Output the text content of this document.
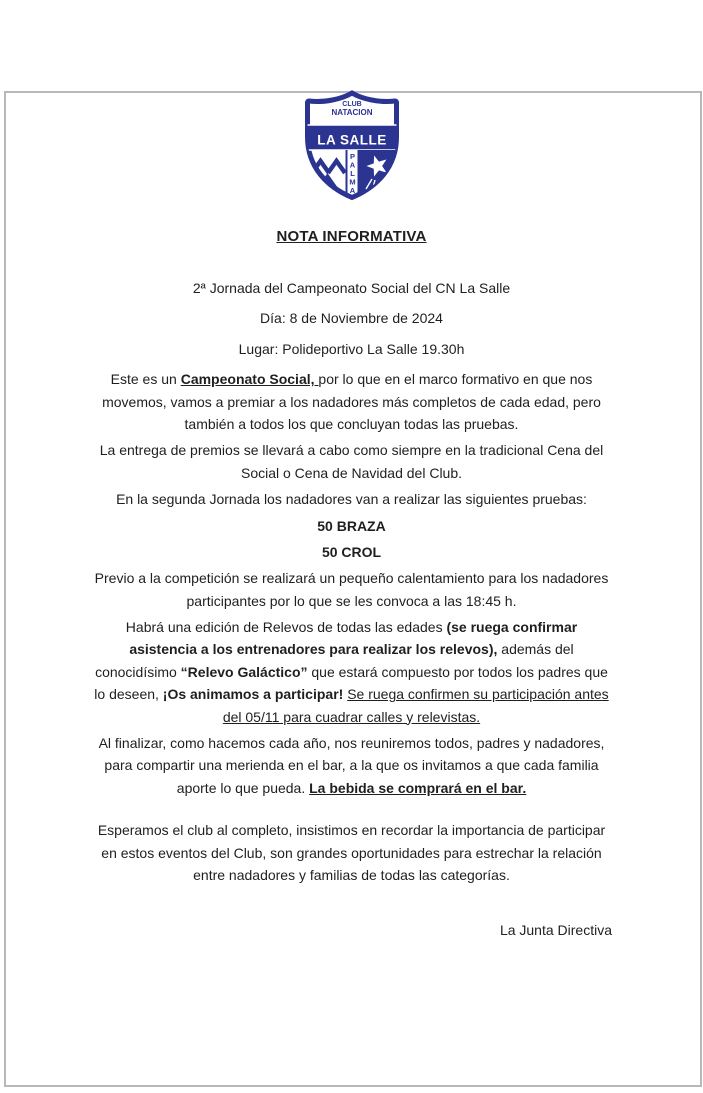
CLUB
NATACION
LA SALLE
P
A
L
M
A
NOTA INFORMATIVA

2ª Jornada del Campeonato Social del CN La Salle

Día: 8 de Noviembre de 2024

Lugar: Polideportivo La Salle 19.30h

Este es un Campeonato Social, por lo que en el marco formativo en que nos movemos, vamos a premiar a los nadadores más completos de cada edad, pero también a todos los que concluyan todas las pruebas.

La entrega de premios se llevará a cabo como siempre en la tradicional Cena del Social o Cena de Navidad del Club.

En la segunda Jornada los nadadores van a realizar las siguientes pruebas:

50 BRAZA

50 CROL

Previo a la competición se realizará un pequeño calentamiento para los nadadores participantes por lo que se les convoca a las 18:45 h.

Habrá una edición de Relevos de todas las edades (se ruega confirmar asistencia a los entrenadores para realizar los relevos), además del conocidísimo “Relevo Galáctico” que estará compuesto por todos los padres que lo deseen, ¡Os animamos a participar! Se ruega confirmen su participación antes del 05/11 para cuadrar calles y relevistas.

Al finalizar, como hacemos cada año, nos reuniremos todos, padres y nadadores, para compartir una merienda en el bar, a la que os invitamos a que cada familia aporte lo que pueda. La bebida se comprará en el bar.

Esperamos el club al completo, insistimos en recordar la importancia de participar en estos eventos del Club, son grandes oportunidades para estrechar la relación entre nadadores y familias de todas las categorías.

La Junta Directiva
